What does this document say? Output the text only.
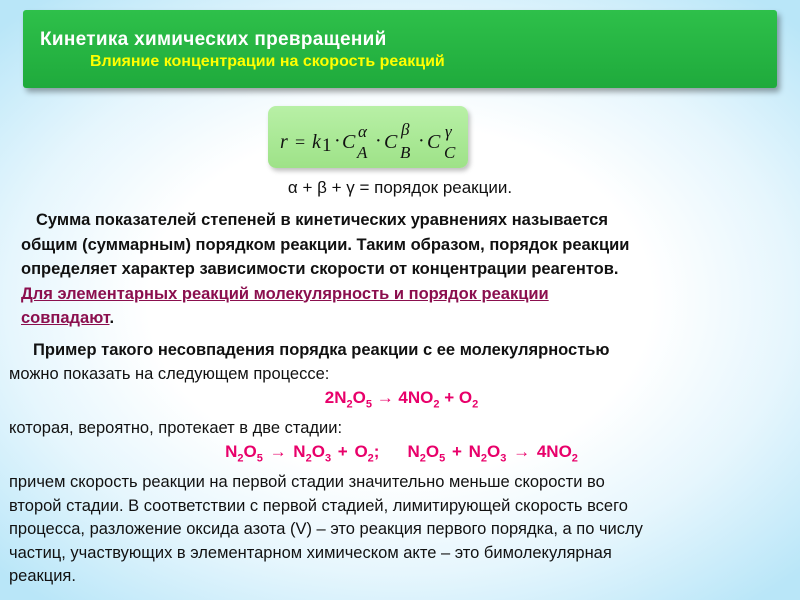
Кинетика химических превращений
Влияние концентрации на скорость реакций
r = k 1 · C α
A
· C
β
B
· C γ
C
α + β + γ = порядок реакции.

Сумма показателей степеней в кинетических уравнениях называется

общим (суммарным) порядком реакции. Таким образом, порядок реакции

определяет характер зависимости скорости от концентрации реагентов.

Для элементарных реакций молекулярность и порядок реакции

совпадают.

Пример такого несовпадения порядка реакции с ее молекулярностью

можно показать на следующем процессе:

$2N_2O_5 \to 4NO_2 + O_2$

которая, вероятно, протекает в две стадии:

$N_2O_5 \to N_2O_3 + O_2$; $N_2O_5 + N_2O_3 \to 4NO_2$

причем скорость реакции на первой стадии значительно меньше скорости во

второй стадии. В соответствии с первой стадией, лимитирующей скорость всего

процесса, разложение оксида азота (V) – это реакция первого порядка, а по числу

частиц, участвующих в элементарном химическом акте – это бимолекулярная

реакция.
